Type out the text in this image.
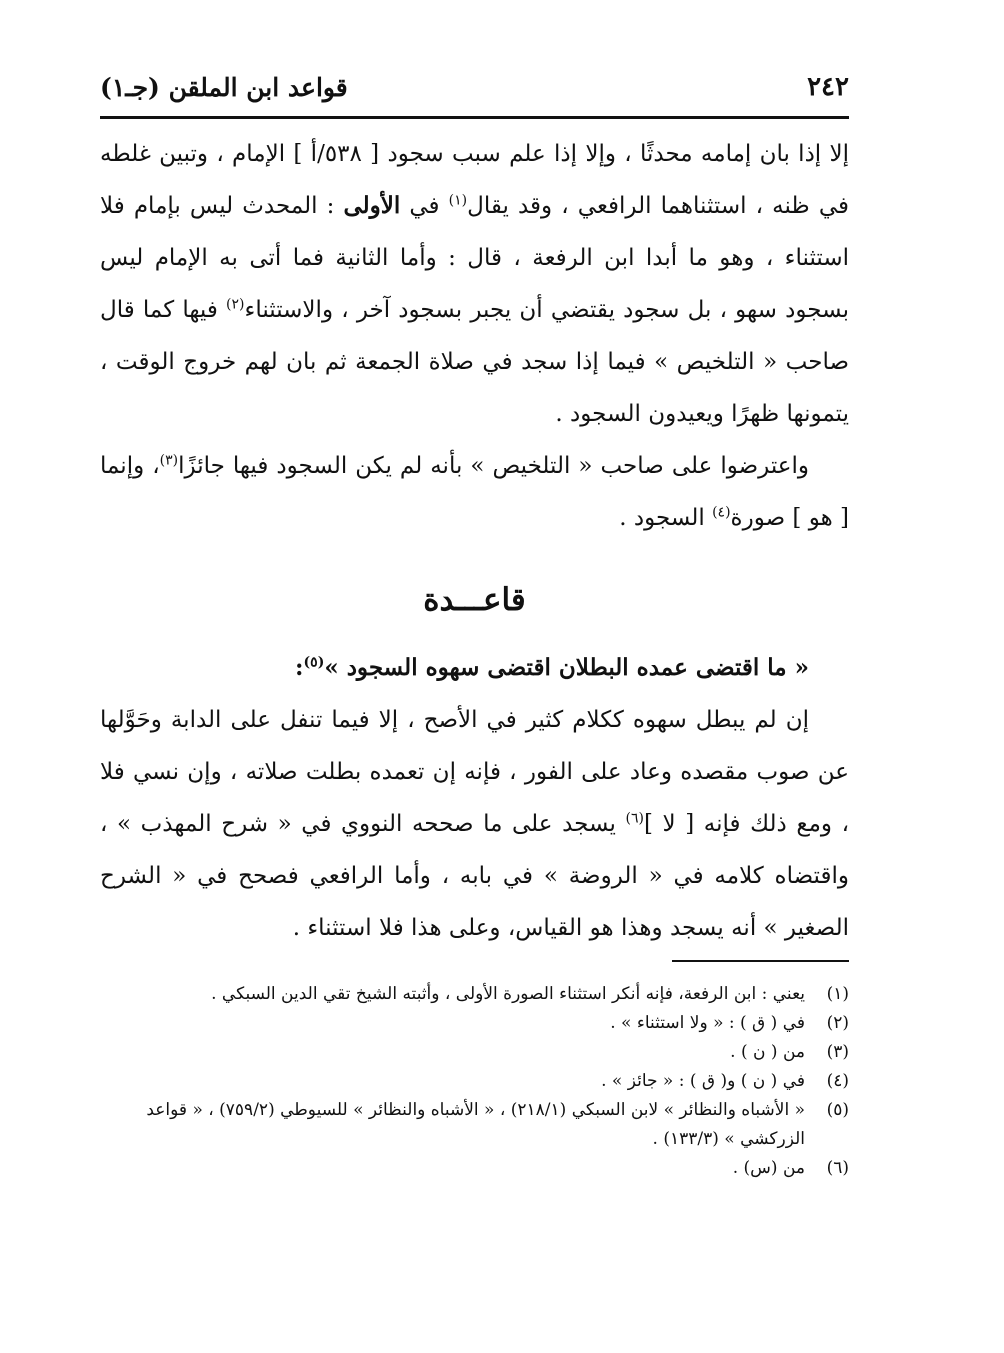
٢٤٢
قواعد ابن الملقن (جـ١)

إلا إذا بان إمامه محدثًا ، وإلا إذا علم سبب سجود [ ٥٣٨/أ ] الإمام ، وتبين غلطه في ظنه ، استثناهما الرافعي ، وقد يقال$^{(١)}$ في الأولى : المحدث ليس بإمام فلا استثناء ، وهو ما أبدا ابن الرفعة ، قال : وأما الثانية فما أتى به الإمام ليس بسجود سهو ، بل سجود يقتضي أن يجبر بسجود آخر ، والاستثناء$^{(٢)}$ فيها كما قال صاحب « التلخيص » فيما إذا سجد في صلاة الجمعة ثم بان لهم خروج الوقت ، يتمونها ظهرًا ويعيدون السجود .

واعترضوا على صاحب « التلخيص » بأنه لم يكن السجود فيها جائزًا$^{(٣)}$، وإنما [ هو ] صورة$^{(٤)}$ السجود .

قاعـــدة

« ما اقتضى عمده البطلان اقتضى سهوه السجود »$^{(٥)}$:

إن لم يبطل سهوه ككلام كثير في الأصح ، إلا فيما تنفل على الدابة وحَوَّلها عن صوب مقصده وعاد على الفور ، فإنه إن تعمده بطلت صلاته ، وإن نسي فلا ، ومع ذلك فإنه [ لا ]$^{(٦)}$ يسجد على ما صححه النووي في « شرح المهذب » ، واقتضاه كلامه في « الروضة » في بابه ، وأما الرافعي فصحح في « الشرح الصغير » أنه يسجد وهذا هو القياس، وعلى هذا فلا استثناء .

(١)
يعني : ابن الرفعة، فإنه أنكر استثناء الصورة الأولى ، وأثبته الشيخ تقي الدين السبكي .
(٢)
في ( ق ) : « ولا استثناء » .
(٣)
من ( ن ) .
(٤)
في ( ن ) و( ق ) : « جائز » .
(٥)
« الأشباه والنظائر » لابن السبكي (٢١٨/١) ، « الأشباه والنظائر » للسيوطي (٧٥٩/٢) ، « قواعد الزركشي » (١٣٣/٣) .
(٦)
من (س) .
